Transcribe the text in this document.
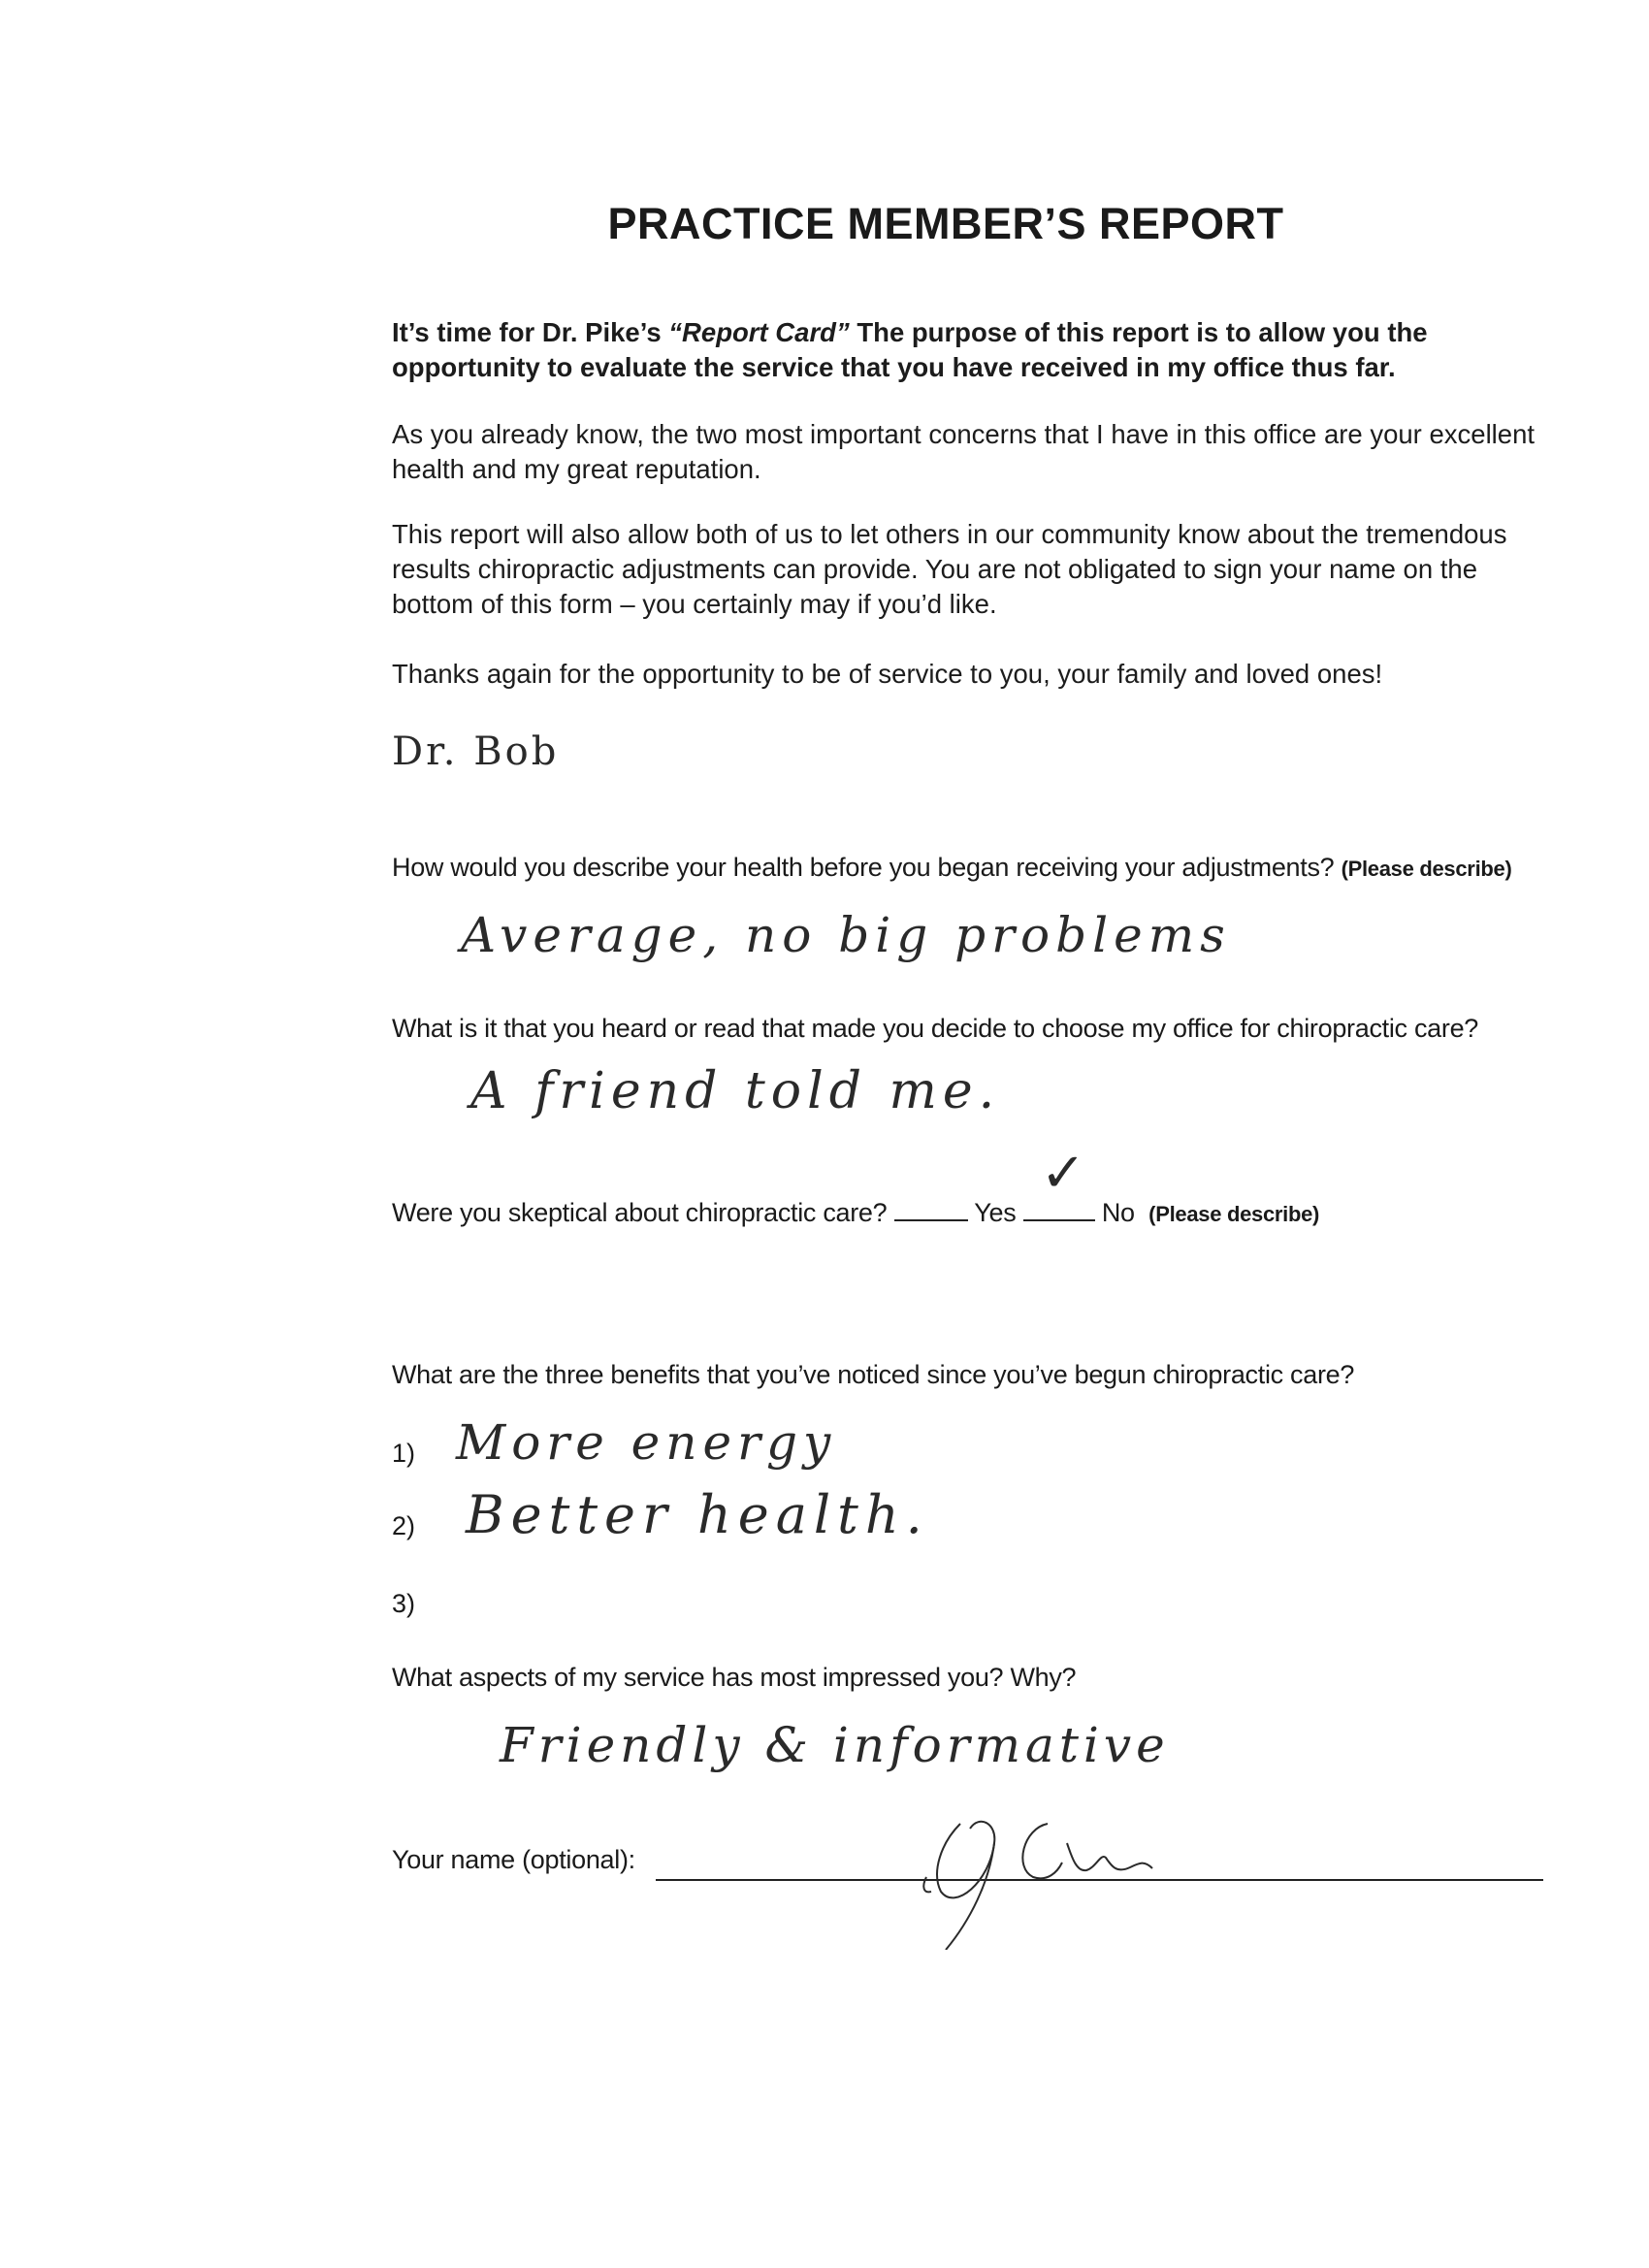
PRACTICE MEMBER’S REPORT
It’s time for Dr. Pike’s “Report Card” The purpose of this report is to allow you the opportunity to evaluate the service that you have received in my office thus far.
As you already know, the two most important concerns that I have in this office are your excellent health and my great reputation.
This report will also allow both of us to let others in our community know about the tremendous results chiropractic adjustments can provide. You are not obligated to sign your name on the bottom of this form – you certainly may if you’d like.
Thanks again for the opportunity to be of service to you, your family and loved ones!
Dr. Bob
How would you describe your health before you began receiving your adjustments? (Please describe)
Average, no big problems
What is it that you heard or read that made you decide to choose my office for chiropractic care?
A friend told me.
Were you skeptical about chiropractic care?	Yes
✓
No (Please describe)
What are the three benefits that you’ve noticed since you’ve begun chiropractic care?
1) More energy
2) Better health.
3)
What aspects of my service has most impressed you? Why?
Friendly & informative
Your name (optional):
